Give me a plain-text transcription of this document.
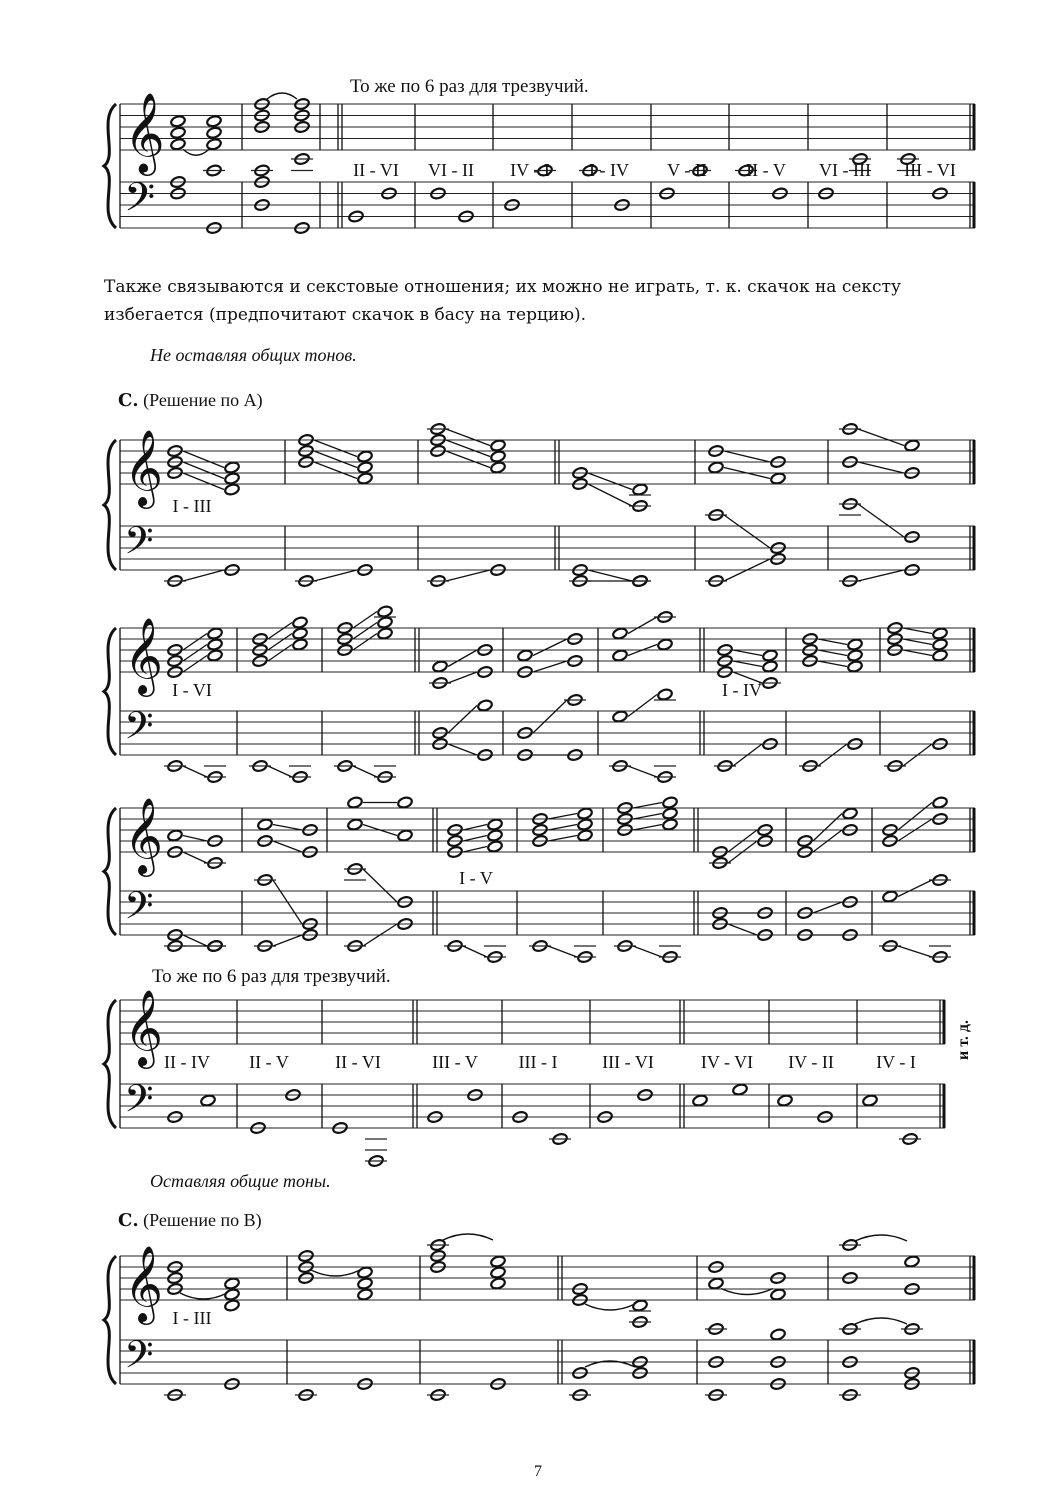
То же по 6 раз для трезвучий.
𝄞
𝄢
II - VI VI - II IV - I I - IV V - II II - V VI - III III - VI
Также связываются и секстовые отношения; их можно не играть, т. к. скачок на сексту избегается (предпочитают скачок в басу на терцию).
Не оставляя общих тонов.
С. (Решение по A)
𝄞
𝄢
I - III
𝄞
𝄢
I - VI	I - IV
𝄞
𝄢
I - V
То же по 6 раз для трезвучий.
𝄞
𝄢
II - IV II - V	II - VI	III - V III - I III - VI	IV - VI IV - II IV - I
и т. д.
Оставляя общие тоны.
С. (Решение по B)
𝄞
𝄢
I - III
7
